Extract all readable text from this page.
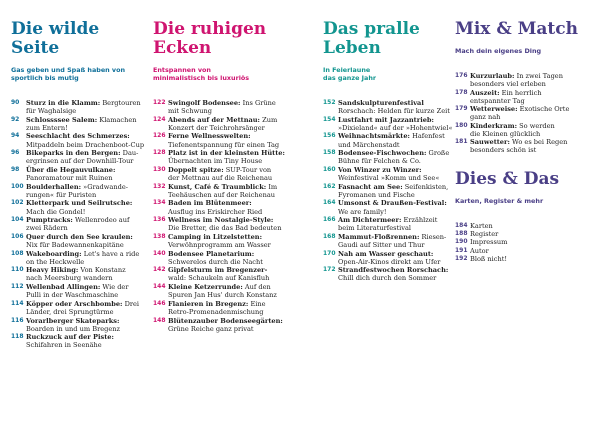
Die wilde
Seite
Gas geben und Spaß haben von
sportlich bis mutig
90	Sturz in die Klamm: Bergtouren
für Waghalsige
92	Schlossssee Salem: Klamachen
zum Entern!
94	Seeschlacht des Schmerzes:
Mitpaddeln beim Drachenboot-Cup
96	Bikeparks in den Bergen: Dau-
ergrinsen auf der Downhill-Tour
98	Über die Hegauvulkane:
Panoramatour mit Ruinen
100 Boulderhallen: »Gradwande-
rungen« für Puristen
102 Kletterpark und Seilrutsche:
Mach die Gondel!
104 Pumptracks: Wellenrodeo auf
zwei Rädern
106 Quer durch den See kraulen:
Nix für Badewannenkapitäne
108 Wakeboarding: Let's have a ride
on the Heckwelle
110 Heavy Hiking: Von Konstanz
nach Meersburg wandern
112 Wellenbad Allingen: Wie der
Pulli in der Waschmaschine
114 Köpper oder Arschbombe: Drei
Länder, drei Sprungtürme
116 Vorarlberger Skateparks:
Boarden in und um Bregenz
118 Ruckzuck auf der Piste:
Schifahren in Seenähe
Die ruhigen
Ecken
Entspannen von
minimalistisch bis luxuriös
122 Swingolf Bodensee: Ins Grüne
mit Schwung
124 Abends auf der Mettnau: Zum
Konzert der Teichrohrsänger
126 Ferne Wellnesswelten:
Tiefenentspannung für einen Tag
128 Platz ist in der kleinsten Hütte:
Übernachten im Tiny House
130 Doppelt spitze: SUP-Tour von
der Mettnau auf die Reichenau
132 Kunst, Café & Traumblick: Im
Teehäuschen auf der Reichenau
134 Baden im Blütenmeer:
Ausflug ins Eriskircher Ried
136 Wellness im Nostalgie-Style:
Die Bretter, die das Bad bedeuten
138 Camping in Litzelstetten:
Verwöhnprogramm am Wasser
140 Bodensee Planetarium:
Schwerelos durch die Nacht
142 Gipfelsturm im Bregenzer-
wald: Schaukeln auf Kanisfluh
144 Kleine Ketzerrunde: Auf den
Spuren Jan Hus' durch Konstanz
146 Flanieren in Bregenz: Eine
Retro-Promenadenmischung
148 Blütenzauber Bodenseegärten:
Grüne Reiche ganz privat
Das pralle
Leben
In Feierlaune
das ganze Jahr
152 Sandskulpturenfestival
Rorschach: Helden für kurze Zeit
154 Lustfahrt mit Jazzantrieb:
»Dixieland« auf der »Hohentwiel«
156 Weihnachtsmärkte: Hafenfest
und Märchenstadt
158 Bodensee-Fischwochen: Große
Bühne für Felchen & Co.
160 Von Winzer zu Winzer:
Weinfestival »Komm und See«
162 Fasnacht am See: Seifenkisten,
Fyromanen und Fische
164 Umsonst & Draußen-Festival:
We are family!
166 Am Dichtermeer: Erzählzeit
beim Literaturfestival
168 Mammut-Floßrennen: Riesen-
Gaudi auf Sitter und Thur
170 Nah am Wasser geschaut:
Open-Air-Kinos direkt am Ufer
172 Strandfestwochen Rorschach:
Chill dich durch den Sommer
Mix & Match
Mach dein eigenes Ding
176 Kurzurlaub: In zwei Tagen
besonders viel erleben
178 Auszeit: Ein herrlich
entspannter Tag
179 Wetterweise: Exotische Orte
ganz nah
180 Kinderkram: So werden
die Kleinen glücklich
181 Sauwetter: Wo es bei Regen
besonders schön ist
Dies & Das
Karten, Register & mehr
184 Karten
188 Register
190 Impressum
191 Autor
192 Bloß nicht!
